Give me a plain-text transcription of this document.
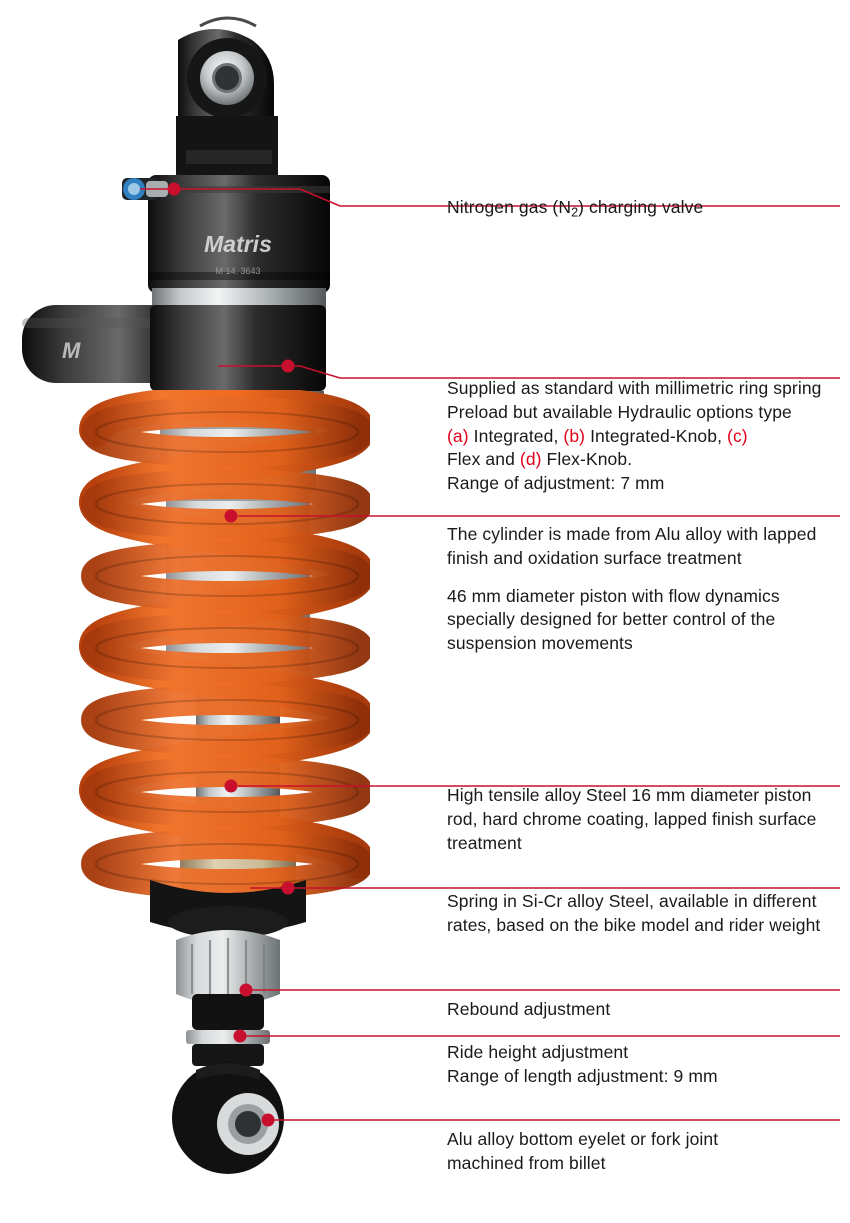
Matris
M 14. 3643
M
Matris

Nitrogen gas $(N_2)$ charging valve

Supplied as standard with millimetric ring spring

Preload but available Hydraulic options type

(a) Integrated, (b) Integrated-Knob, (c)

Flex and (d) Flex-Knob.

Range of adjustment: 7 mm

The cylinder is made from Alu alloy with lapped

finish and oxidation surface treatment

46 mm diameter piston with flow dynamics

specially designed for better control of the

suspension movements

High tensile alloy Steel 16 mm diameter piston

rod, hard chrome coating, lapped finish surface

treatment

Spring in Si-Cr alloy Steel, available in different

rates, based on the bike model and rider weight

Rebound adjustment

Ride height adjustment

Range of length adjustment: 9 mm

Alu alloy bottom eyelet or fork joint

machined from billet
